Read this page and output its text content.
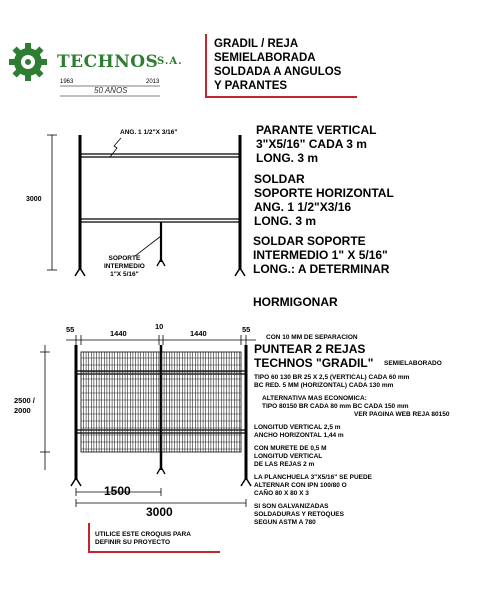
TECHNOS
S.A.
1963	2013
50 AÑOS
GRADIL / REJA
SEMIELABORADA
SOLDADA A ANGULOS
Y PARANTES
ANG. 1 1/2"X 3/16"
3000
SOPORTE
INTERMEDIO
1"X 5/16"
PARANTE VERTICAL
3"X5/16" CADA 3 m
LONG. 3 m
SOLDAR
SOPORTE HORIZONTAL
ANG. 1 1/2"X3/16
LONG. 3 m
SOLDAR SOPORTE
INTERMEDIO 1" X 5/16"
LONG.: A DETERMINAR
HORMIGONAR
55	1440
10
1440	55
2500 /
2000
1500
3000
CON 10 MM DE SEPARACION
PUNTEAR 2 REJAS
TECHNOS "GRADIL" SEMIELABORADO
TIPO 60 130 BR 25 X 2,5 (VERTICAL) CADA 60 mm
BC RED. 5 MM (HORIZONTAL) CADA 130 mm
ALTERNATIVA MAS ECONOMICA:
TIPO 80150 BR CADA 80 mm BC CADA 150 mm
VER PAGINA WEB REJA 80150
LONGITUD VERTICAL 2,5 m
ANCHO HORIZONTAL 1,44 m
CON MURETE DE 0,5 M
LONGITUD VERTICAL
DE LAS REJAS 2 m
LA PLANCHUELA 3"X5/16" SE PUEDE
ALTERNAR CON IPN 100/80 O
CAÑO 80 X 80 X 3
SI SON GALVANIZADAS
SOLDADURAS Y RETOQUES
SEGUN ASTM A 780
UTILICE ESTE CROQUIS PARA
DEFINIR SU PROYECTO
